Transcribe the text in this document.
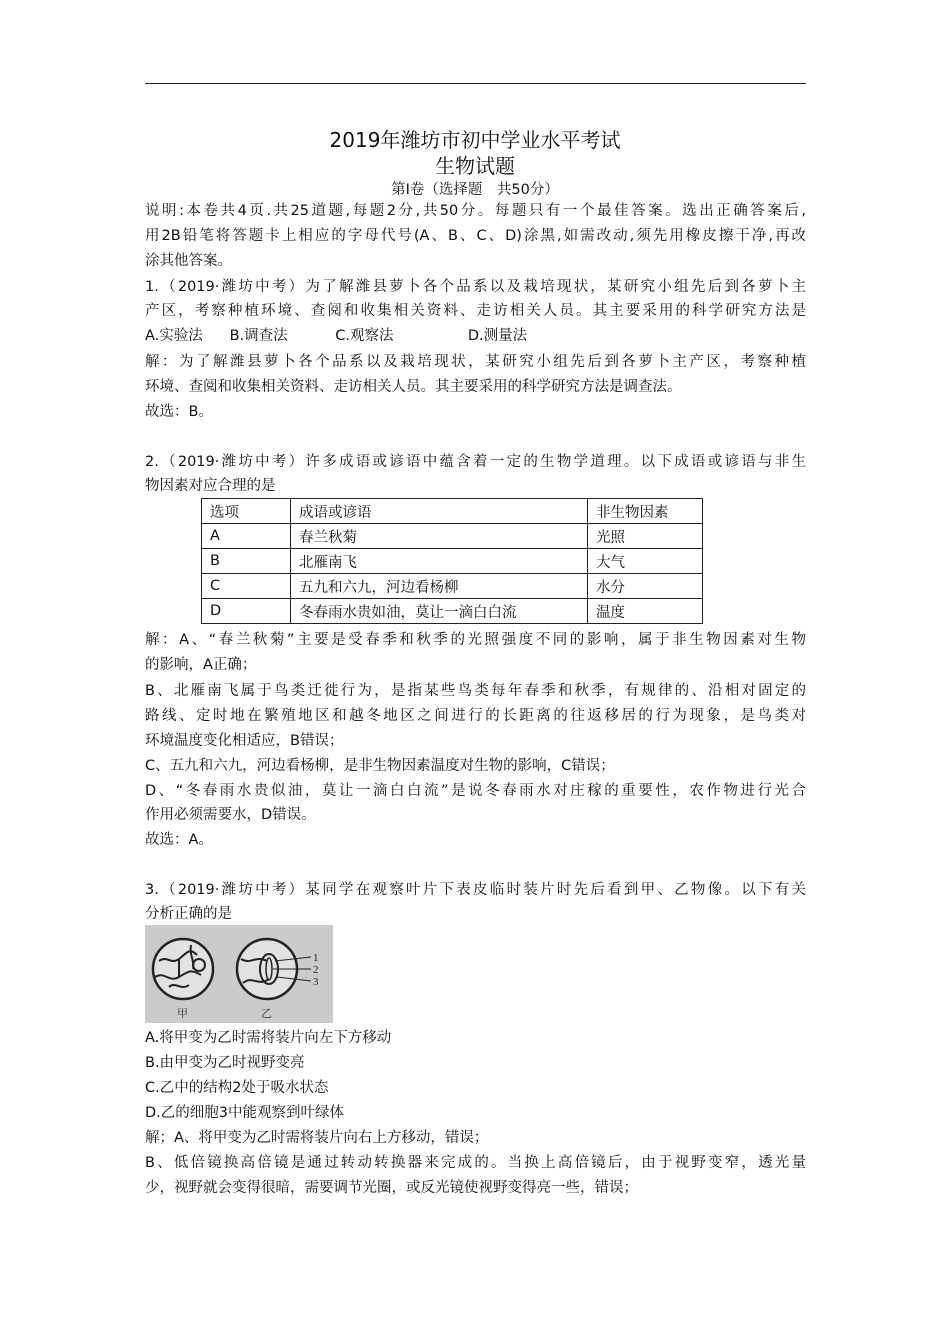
2019年潍坊市初中学业水平考试
生物试题
第Ⅰ卷（选择题　共50分）
说明:本卷共4页.共25道题,每题2分,共50分。每题只有一个最佳答案。选出正确答案后,
用2B铅笔将答题卡上相应的字母代号(A、B、C、D)涂黑,如需改动,须先用橡皮擦干净,再改
涂其他答案。
1.（2019·潍坊中考）为了解潍县萝卜各个品系以及栽培现状，某研究小组先后到各萝卜主
产区，考察种植环境、查阅和收集相关资料、走访相关人员。其主要采用的科学研究方法是
A.实验法 B.调查法	C.观察法	D.测量法
解：为了解潍县萝卜各个品系以及栽培现状，某研究小组先后到各萝卜主产区，考察种植
环境、查阅和收集相关资料、走访相关人员。其主要采用的科学研究方法是调查法。
故选：B。
2.（2019·潍坊中考）许多成语或谚语中蕴含着一定的生物学道理。以下成语或谚语与非生
物因素对应合理的是
选项	成语或谚语	非生物因素
A	春兰秋菊	光照
B	北雁南飞	大气
C	五九和六九，河边看杨柳	水分
D	冬春雨水贵如油，莫让一滴白白流	温度
解：A、“春兰秋菊”主要是受春季和秋季的光照强度不同的影响，属于非生物因素对生物
的影响，A正确；
B、北雁南飞属于鸟类迁徙行为，是指某些鸟类每年春季和秋季，有规律的、沿相对固定的
路线、定时地在繁殖地区和越冬地区之间进行的长距离的往返移居的行为现象，是鸟类对
环境温度变化相适应，B错误；
C、五九和六九，河边看杨柳，是非生物因素温度对生物的影响，C错误；
D、“冬春雨水贵似油，莫让一滴白白流”是说冬春雨水对庄稼的重要性，农作物进行光合
作用必须需要水，D错误。
故选：A。
3.（2019·潍坊中考）某同学在观察叶片下表皮临时装片时先后看到甲、乙物像。以下有关
分析正确的是
1
2
3
甲	乙
A.将甲变为乙时需将装片向左下方移动
B.由甲变为乙时视野变亮
C.乙中的结构2处于吸水状态
D.乙的细胞3中能观察到叶绿体
解；A、将甲变为乙时需将装片向右上方移动，错误；
B、低倍镜换高倍镜是通过转动转换器来完成的。当换上高倍镜后，由于视野变窄，透光量
少，视野就会变得很暗，需要调节光圈，或反光镜使视野变得亮一些，错误；
